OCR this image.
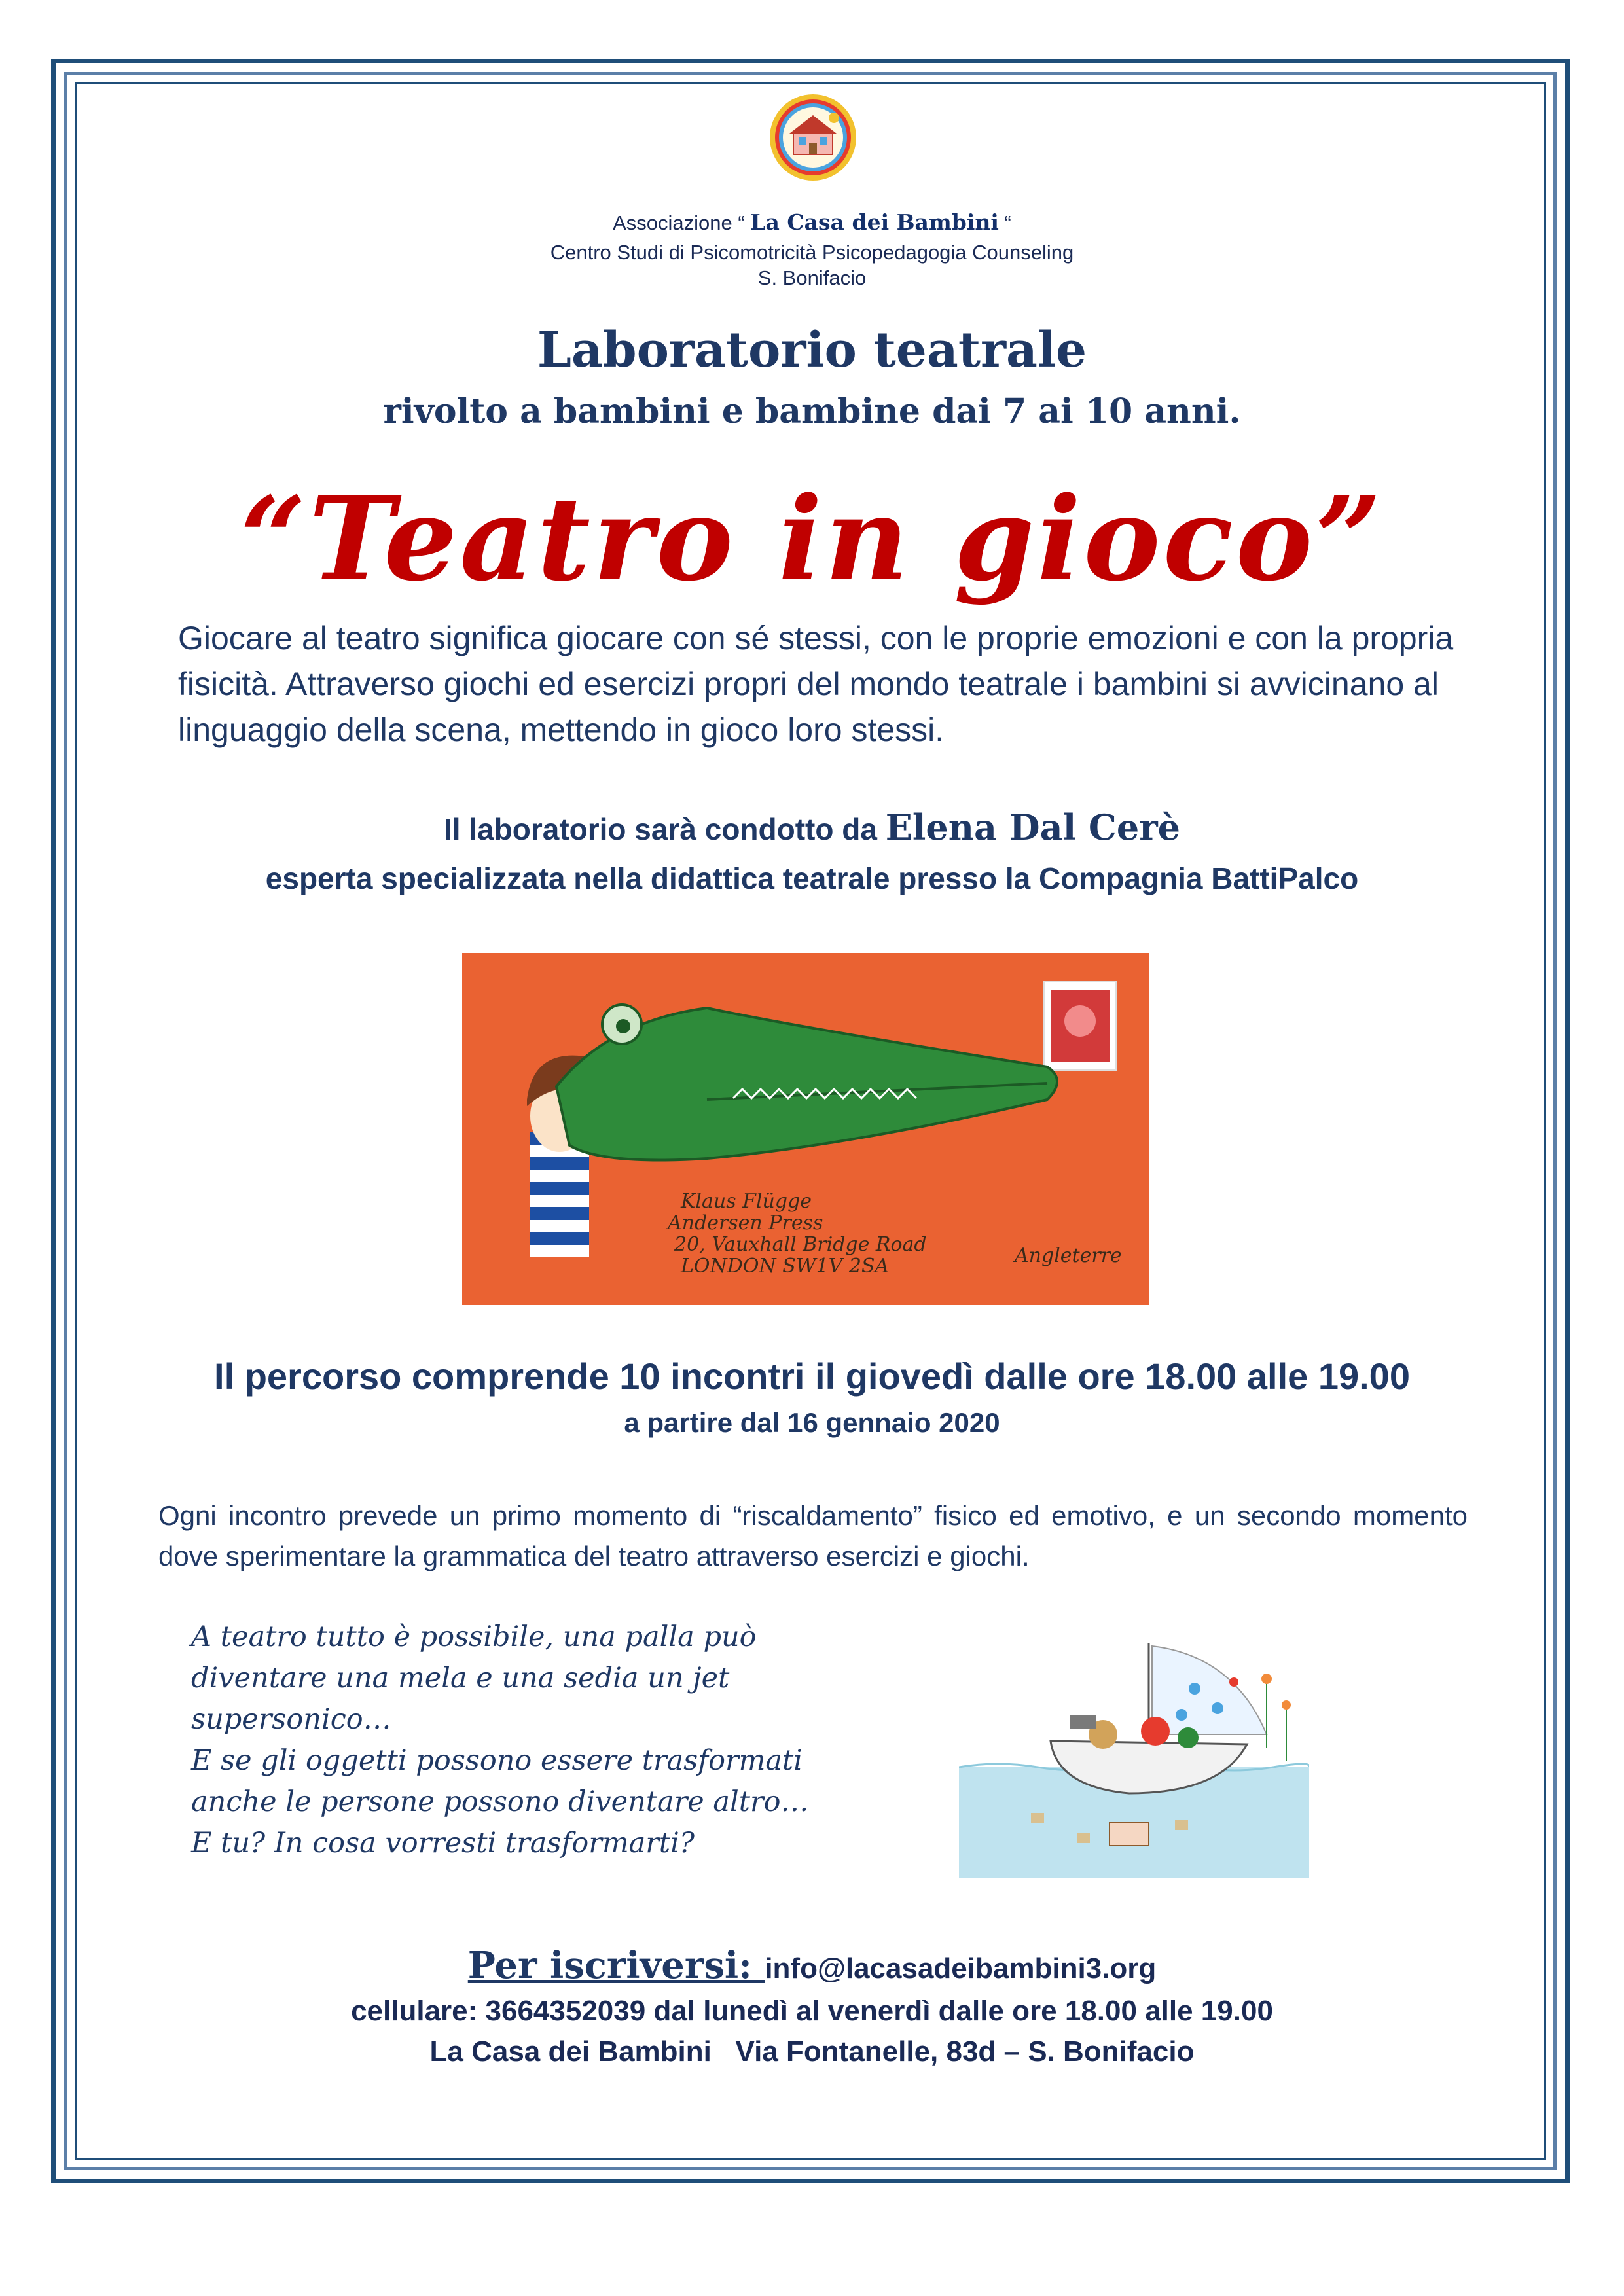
Associazione “ La Casa dei Bambini “
Centro Studi di Psicomotricità Psicopedagogia Counseling
S. Bonifacio
Laboratorio teatrale
rivolto a bambini e bambine dai 7 ai 10 anni.
“Teatro in gioco”
Giocare al teatro significa giocare con sé stessi, con le proprie emozioni e con la propria fisicità. Attraverso giochi ed esercizi propri del mondo teatrale i bambini si avvicinano al linguaggio della scena, mettendo in gioco loro stessi.
Il laboratorio sarà condotto da Elena Dal Cerè
esperta specializzata nella didattica teatrale presso la Compagnia BattiPalco
Klaus Flügge
Andersen Press
20, Vauxhall Bridge Road
LONDON SW1V 2SA	Angleterre
Il percorso comprende 10 incontri il giovedì dalle ore 18.00 alle 19.00
a partire dal 16 gennaio 2020
Ogni incontro prevede un primo momento di “riscaldamento” fisico ed emotivo, e un secondo momento dove sperimentare la grammatica del teatro attraverso esercizi e giochi.
A teatro tutto è possibile, una palla può
diventare una mela e una sedia un jet
supersonico…
E se gli oggetti possono essere trasformati
anche le persone possono diventare altro…
E tu? In cosa vorresti trasformarti?
Per iscriversi: info@lacasadeibambini3.org
cellulare: 3664352039 dal lunedì al venerdì dalle ore 18.00 alle 19.00
La Casa dei Bambini   Via Fontanelle, 83d – S. Bonifacio
